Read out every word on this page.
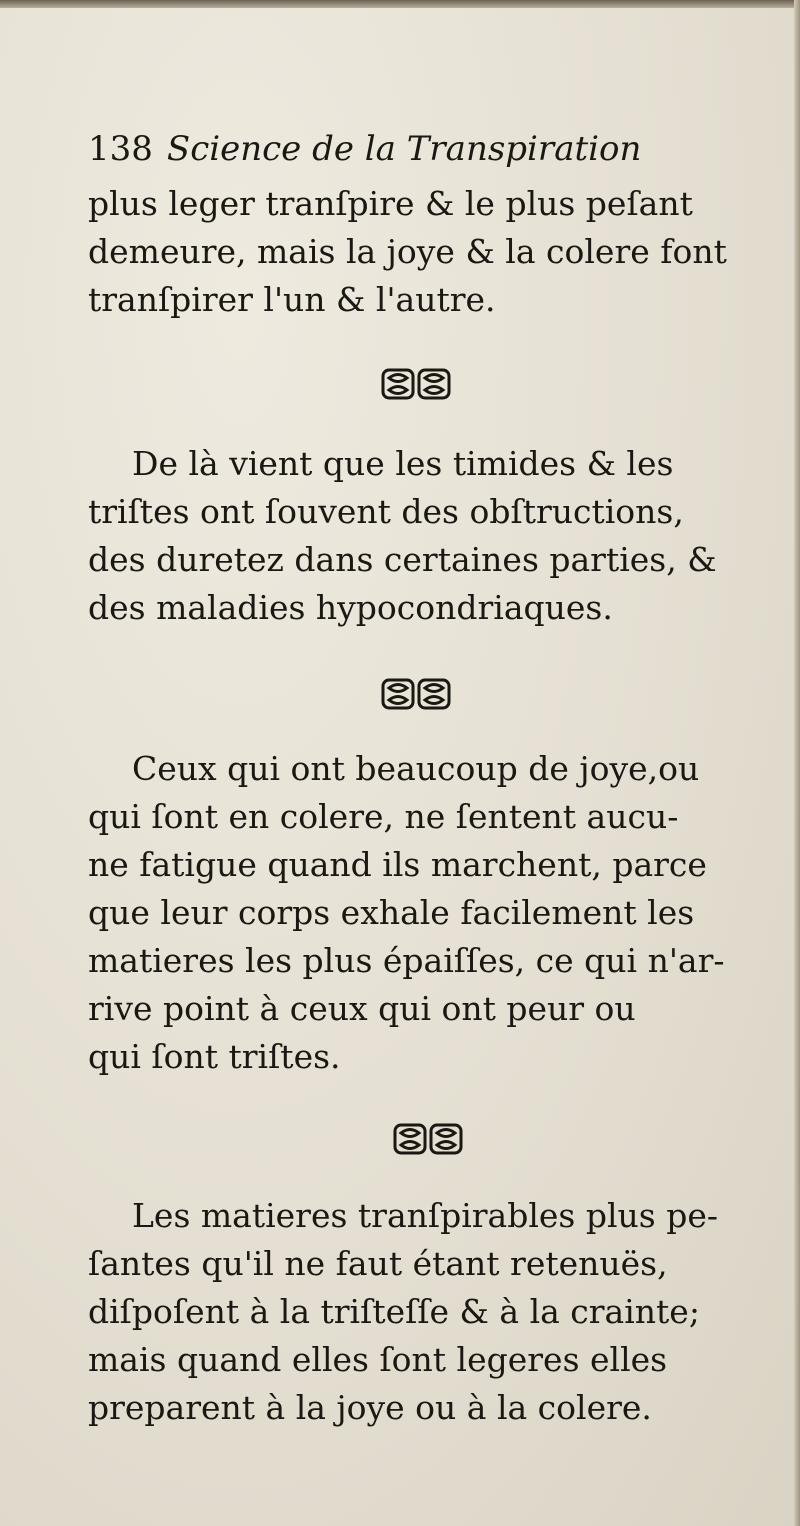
138 Science de la Transpiration
plus leger tranſpire & le plus peſant
demeure, mais la joye & la colere font
tranſpirer l'un & l'autre.
De là vient que les timides & les
triſtes ont ſouvent des obſtructions,
des duretez dans certaines parties, &
des maladies hypocondriaques.
Ceux qui ont beaucoup de joye,ou
qui ſont en colere, ne ſentent aucu-
ne fatigue quand ils marchent, parce
que leur corps exhale facilement les
matieres les plus épaiſſes, ce qui n'ar-
rive point à ceux qui ont peur ou
qui ſont triſtes.
Les matieres tranſpirables plus pe-
ſantes qu'il ne faut étant retenuës,
diſpoſent à la triſteſſe & à la crainte;
mais quand elles ſont legeres elles
preparent à la joye ou à la colere.
